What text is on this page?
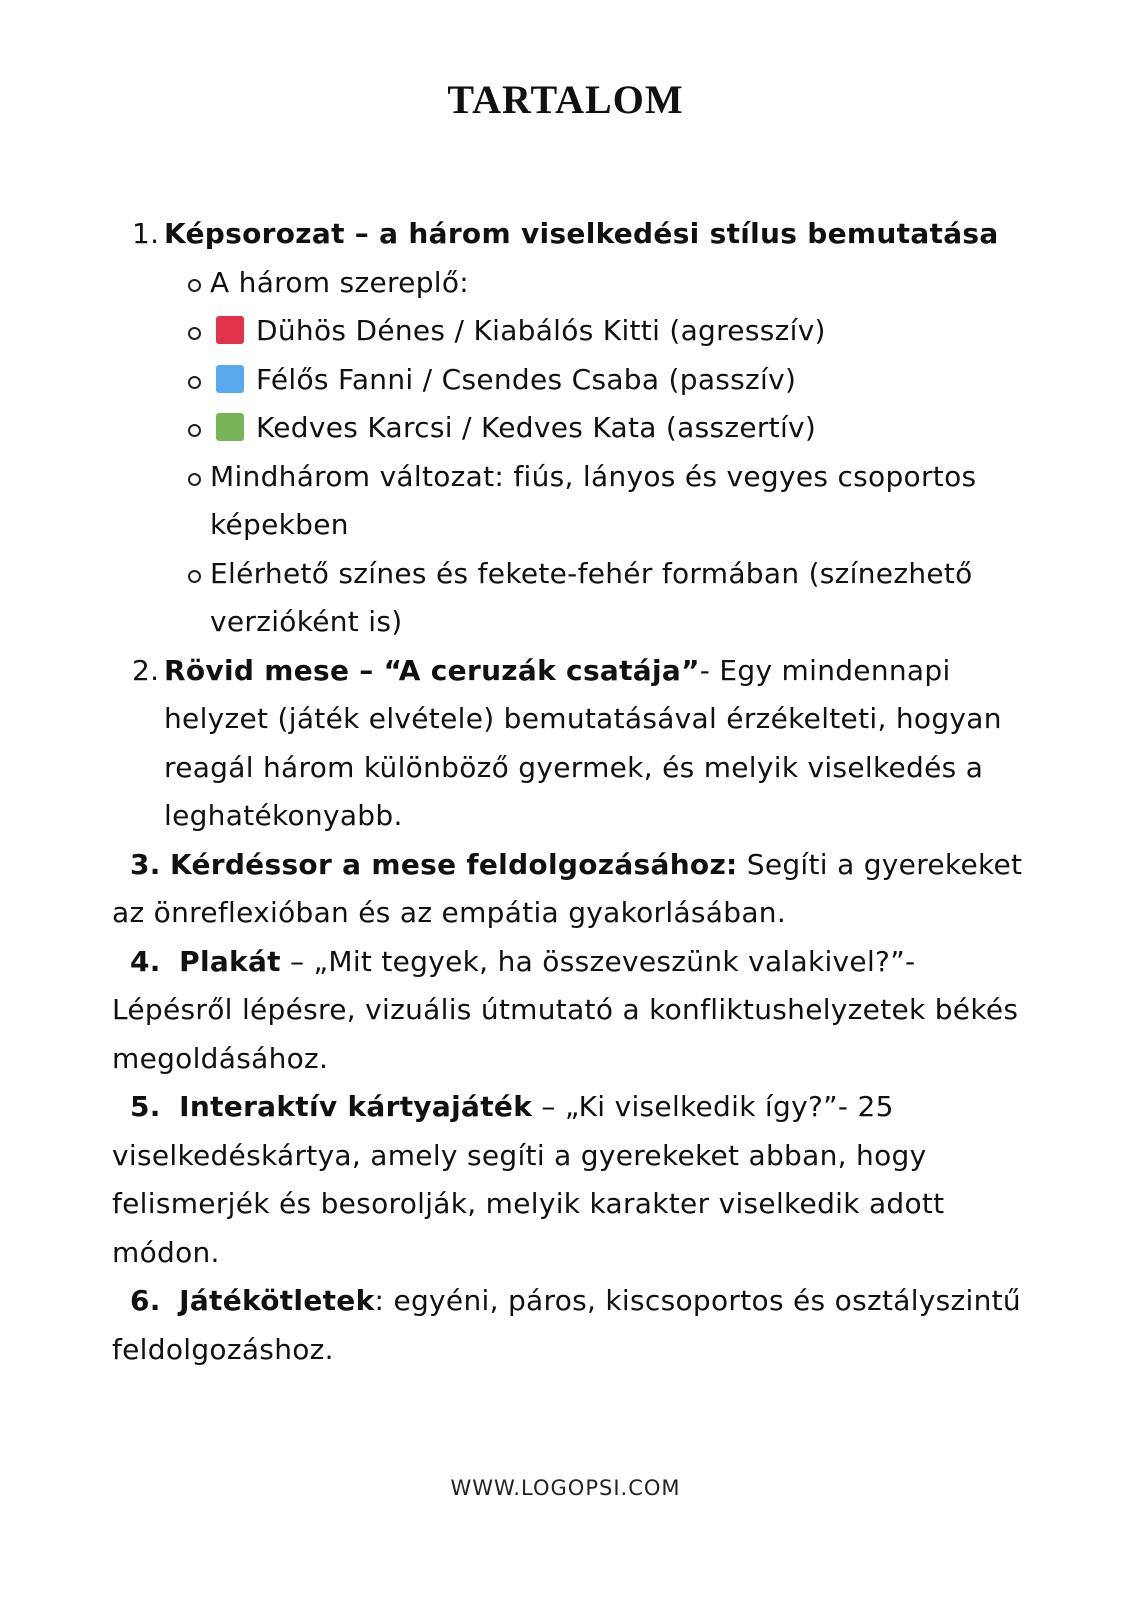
TARTALOM
1. Képsorozat – a három viselkedési stílus bemutatása
A három szereplő:
Dühös Dénes / Kiabálós Kitti (agresszív)
Félős Fanni / Csendes Csaba (passzív)
Kedves Karcsi / Kedves Kata (asszertív)
Mindhárom változat: fiús, lányos és vegyes csoportos képekben
Elérhető színes és fekete-fehér formában (színezhető verzióként is)
2. Rövid mese – “A ceruzák csatája”- Egy mindennapi helyzet (játék elvétele) bemutatásával érzékelteti, hogyan reagál három különböző gyermek, és melyik viselkedés a leghatékonyabb.
3. Kérdéssor a mese feldolgozásához: Segíti a gyerekeket az önreflexióban és az empátia gyakorlásában.
4. Plakát – „Mit tegyek, ha összeveszünk valakivel?”- Lépésről lépésre, vizuális útmutató a konfliktushelyzetek békés megoldásához.
5. Interaktív kártyajáték – „Ki viselkedik így?”- 25 viselkedéskártya, amely segíti a gyerekeket abban, hogy felismerjék és besorolják, melyik karakter viselkedik adott módon.
6. Játékötletek: egyéni, páros, kiscsoportos és osztályszintű feldolgozáshoz.
WWW.LOGOPSI.COM
